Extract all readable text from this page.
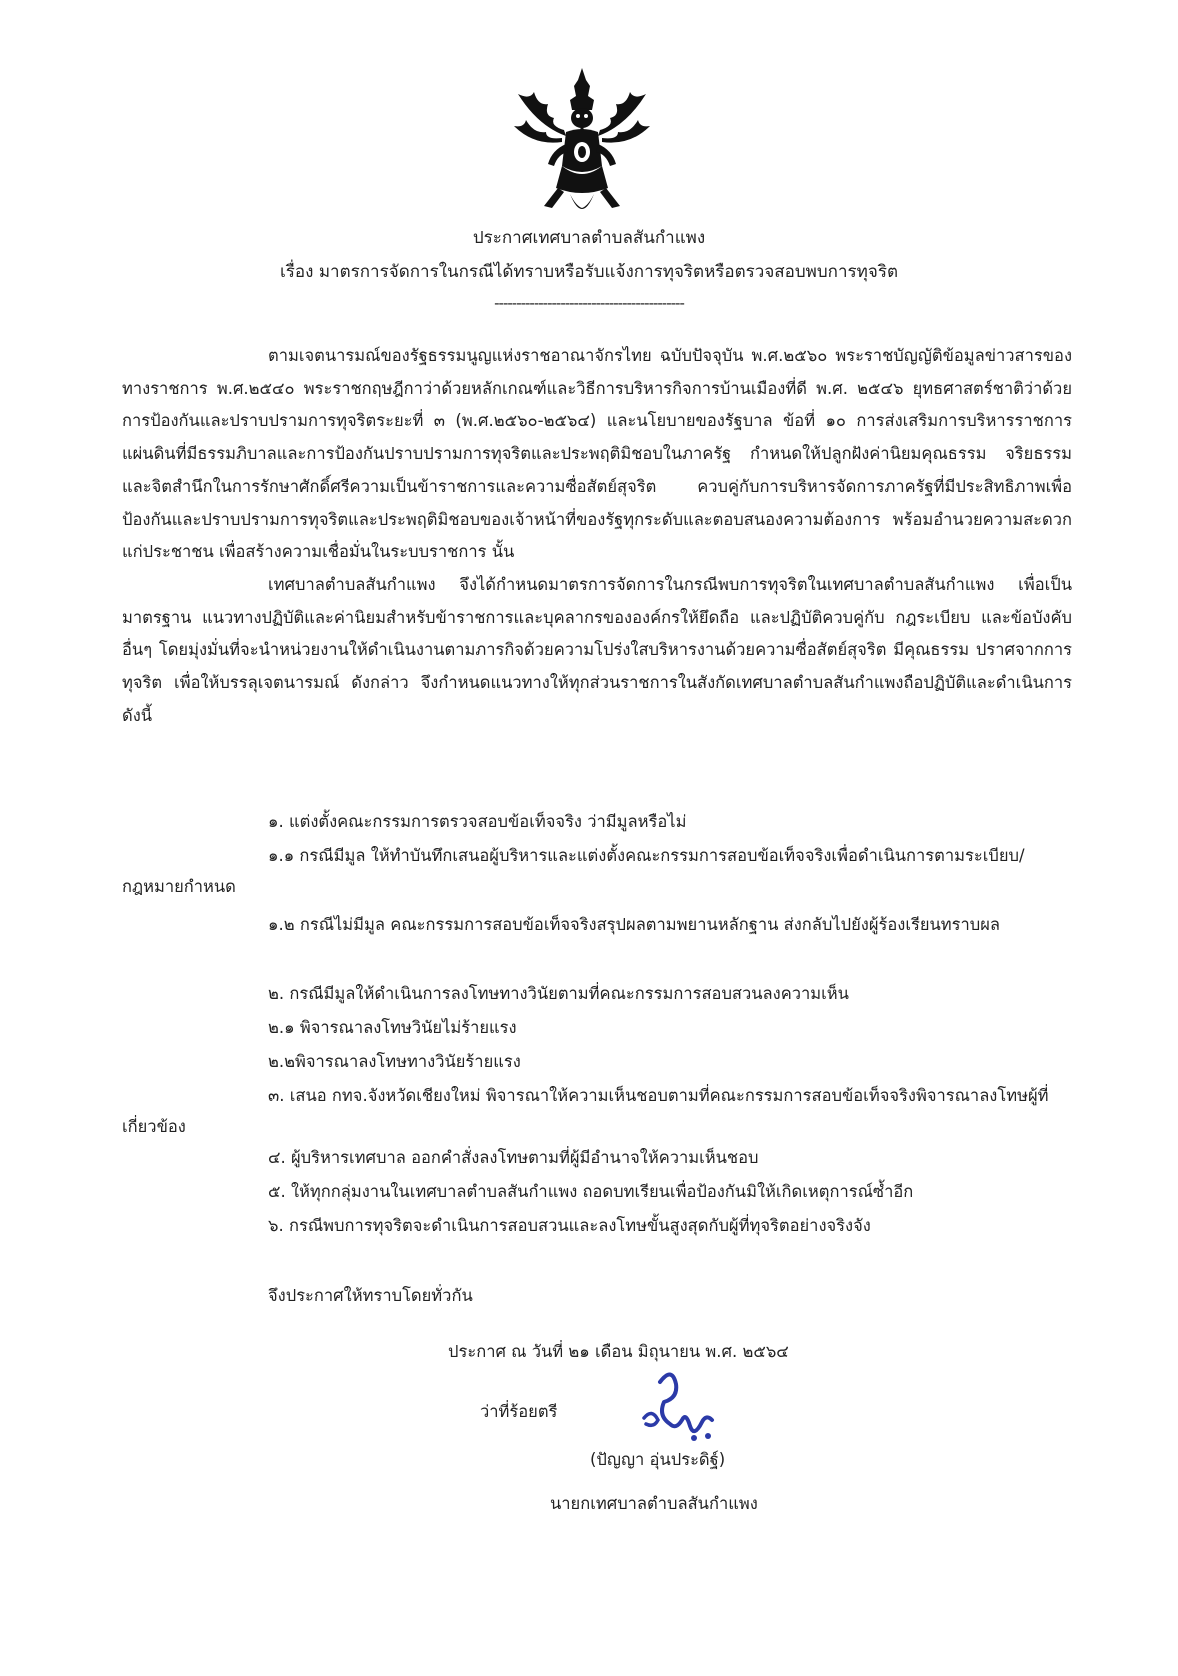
ประกาศเทศบาลตำบลสันกำแพง
เรื่อง มาตรการจัดการในกรณีได้ทราบหรือรับแจ้งการทุจริตหรือตรวจสอบพบการทุจริต
-------------------------------------------

ตามเจตนารมณ์ของรัฐธรรมนูญแห่งราชอาณาจักรไทย ฉบับปัจจุบัน พ.ศ.๒๕๖๐ พระราชบัญญัติข้อมูลข่าวสารของทางราชการ พ.ศ.๒๕๔๐ พระราชกฤษฎีกาว่าด้วยหลักเกณฑ์และวิธีการบริหารกิจการบ้านเมืองที่ดี พ.ศ. ๒๕๔๖ ยุทธศาสตร์ชาติว่าด้วยการป้องกันและปราบปรามการทุจริตระยะที่ ๓ (พ.ศ.๒๕๖๐-๒๕๖๔) และนโยบายของรัฐบาล ข้อที่ ๑๐ การส่งเสริมการบริหารราชการแผ่นดินที่มีธรรมภิบาลและการป้องกันปราบปรามการทุจริตและประพฤติมิชอบในภาครัฐ กำหนดให้ปลูกฝังค่านิยมคุณธรรม จริยธรรม และจิตสำนึกในการรักษาศักดิ์ศรีความเป็นข้าราชการและความซื่อสัตย์สุจริต ควบคู่กับการบริหารจัดการภาครัฐที่มีประสิทธิภาพเพื่อป้องกันและปราบปรามการทุจริตและประพฤติมิชอบของเจ้าหน้าที่ของรัฐทุกระดับและตอบสนองความต้องการ พร้อมอำนวยความสะดวกแก่ประชาชน เพื่อสร้างความเชื่อมั่นในระบบราชการ นั้น

เทศบาลตำบลสันกำแพง จึงได้กำหนดมาตรการจัดการในกรณีพบการทุจริตในเทศบาลตำบลสันกำแพง เพื่อเป็นมาตรฐาน แนวทางปฏิบัติและค่านิยมสำหรับข้าราชการและบุคลากรขององค์กรให้ยึดถือ และปฏิบัติควบคู่กับ กฎระเบียบ และข้อบังคับอื่นๆ โดยมุ่งมั่นที่จะนำหน่วยงานให้ดำเนินงานตามภารกิจด้วยความโปร่งใสบริหารงานด้วยความซื่อสัตย์สุจริต มีคุณธรรม ปราศจากการทุจริต เพื่อให้บรรลุเจตนารมณ์ ดังกล่าว จึงกำหนดแนวทางให้ทุกส่วนราชการในสังกัดเทศบาลตำบลสันกำแพงถือปฏิบัติและดำเนินการ ดังนี้

๑. แต่งตั้งคณะกรรมการตรวจสอบข้อเท็จจริง ว่ามีมูลหรือไม่
๑.๑ กรณีมีมูล ให้ทำบันทึกเสนอผู้บริหารและแต่งตั้งคณะกรรมการสอบข้อเท็จจริงเพื่อดำเนินการตามระเบียบ/กฎหมายกำหนด
๑.๒ กรณีไม่มีมูล คณะกรรมการสอบข้อเท็จจริงสรุปผลตามพยานหลักฐาน ส่งกลับไปยังผู้ร้องเรียนทราบผล
๒. กรณีมีมูลให้ดำเนินการลงโทษทางวินัยตามที่คณะกรรมการสอบสวนลงความเห็น
๒.๑ พิจารณาลงโทษวินัยไม่ร้ายแรง
๒.๒พิจารณาลงโทษทางวินัยร้ายแรง
๓. เสนอ กทจ.จังหวัดเชียงใหม่ พิจารณาให้ความเห็นชอบตามที่คณะกรรมการสอบข้อเท็จจริงพิจารณาลงโทษผู้ที่เกี่ยวข้อง
๔. ผู้บริหารเทศบาล ออกคำสั่งลงโทษตามที่ผู้มีอำนาจให้ความเห็นชอบ
๕. ให้ทุกกลุ่มงานในเทศบาลตำบลสันกำแพง ถอดบทเรียนเพื่อป้องกันมิให้เกิดเหตุการณ์ซ้ำอีก
๖. กรณีพบการทุจริตจะดำเนินการสอบสวนและลงโทษขั้นสูงสุดกับผู้ที่ทุจริตอย่างจริงจัง
จึงประกาศให้ทราบโดยทั่วกัน
ประกาศ ณ วันที่ ๒๑ เดือน มิถุนายน พ.ศ. ๒๕๖๔
ว่าที่ร้อยตรี
(ปัญญา อุ่นประดิฐ์)
นายกเทศบาลตำบลสันกำแพง
